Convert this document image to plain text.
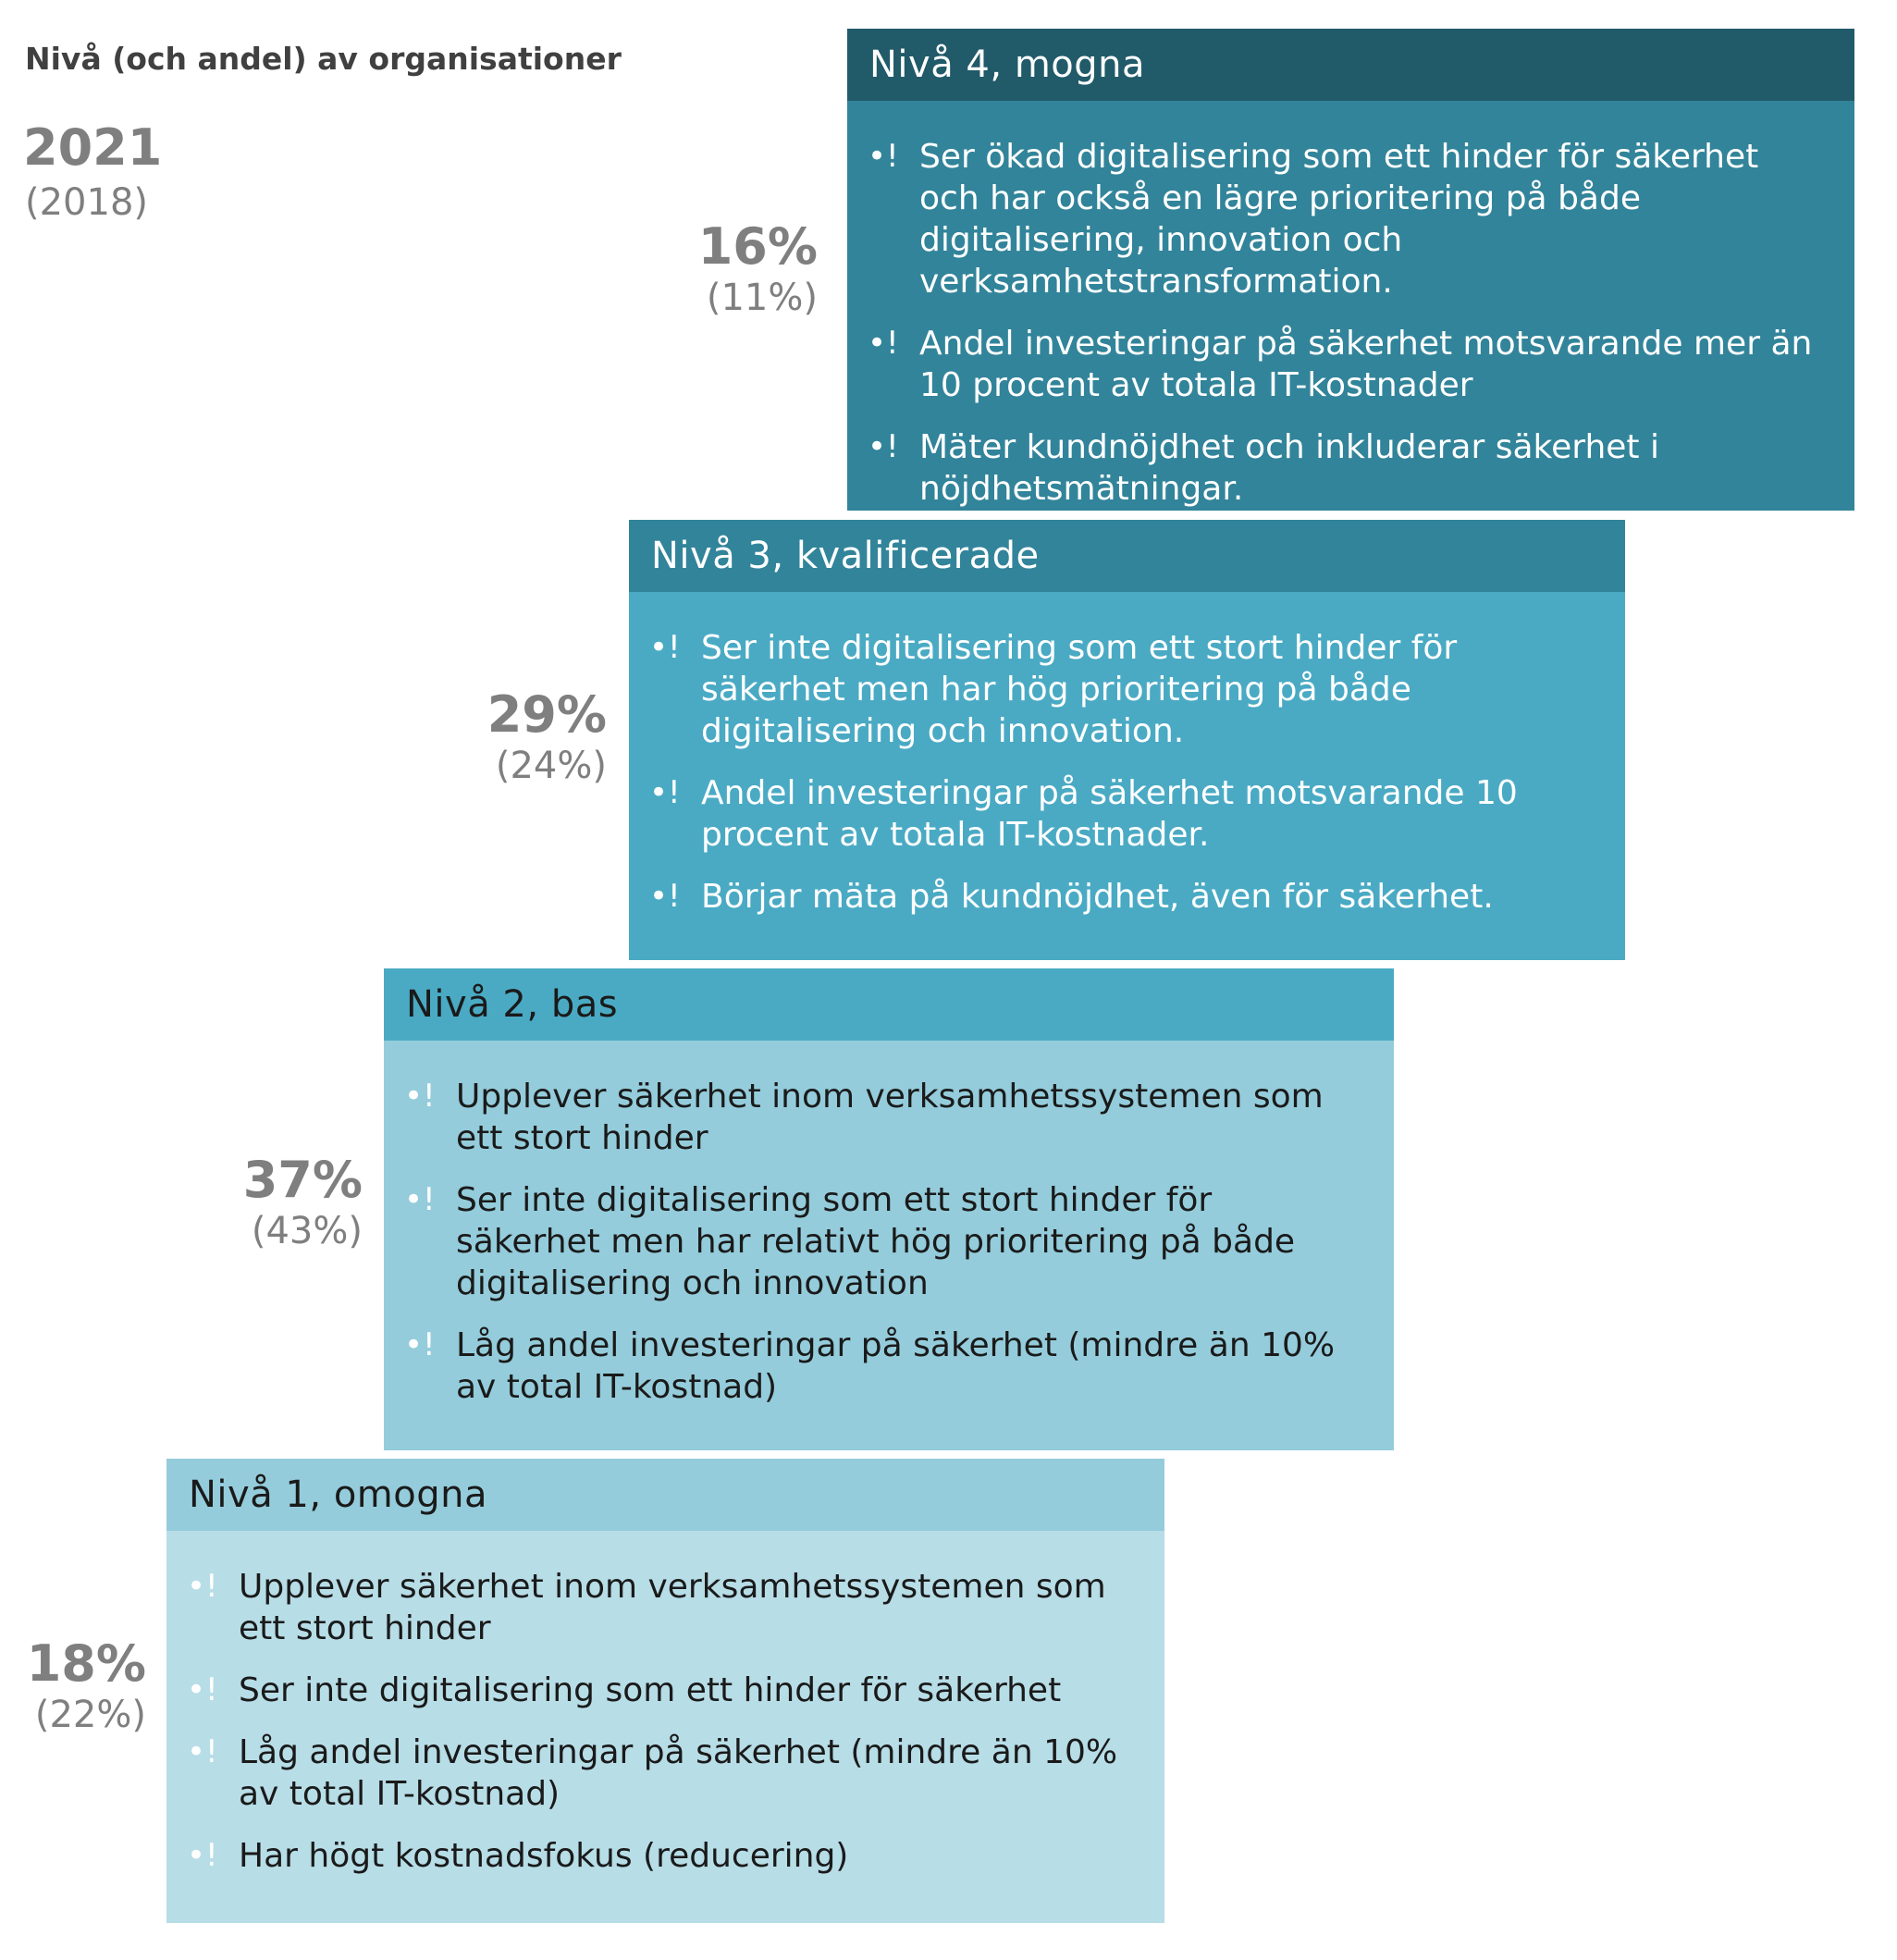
Nivå (och andel) av organisationer
2021
(2018)
16%
(11%)
Nivå 4, mogna
•! Ser ökad digitalisering som ett hinder för säkerhet och har också en lägre prioritering på både digitalisering, innovation och verksamhetstransformation.
•! Andel investeringar på säkerhet motsvarande mer än 10 procent av totala IT-kostnader
•! Mäter kundnöjdhet och inkluderar säkerhet i nöjdhetsmätningar.
29%
(24%)
Nivå 3, kvalificerade
•! Ser inte digitalisering som ett stort hinder för säkerhet men har hög prioritering på både digitalisering och innovation.
•! Andel investeringar på säkerhet motsvarande 10 procent av totala IT-kostnader.
•! Börjar mäta på kundnöjdhet, även för säkerhet.
37%
(43%)
Nivå 2, bas
•! Upplever säkerhet inom verksamhetssystemen som ett stort hinder
•! Ser inte digitalisering som ett stort hinder för säkerhet men har relativt hög prioritering på både digitalisering och innovation
•! Låg andel investeringar på säkerhet (mindre än 10% av total IT-kostnad)
18%
(22%)
Nivå 1, omogna
•! Upplever säkerhet inom verksamhetssystemen som ett stort hinder
•! Ser inte digitalisering som ett hinder för säkerhet
•! Låg andel investeringar på säkerhet (mindre än 10% av total IT-kostnad)
•! Har högt kostnadsfokus (reducering)
